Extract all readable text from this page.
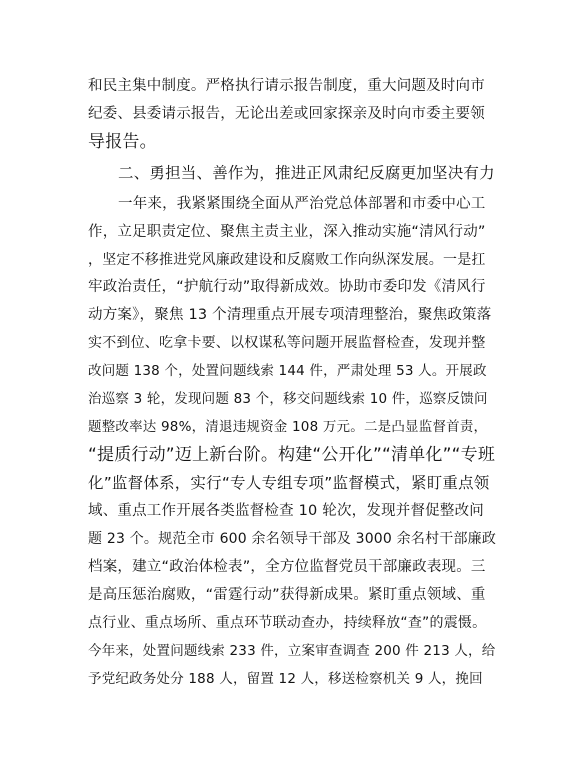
和民主集中制度。严格执行请示报告制度，重大问题及时向市
纪委、县委请示报告，无论出差或回家探亲及时向市委主要领
导报告。
二、勇担当、善作为，推进正风肃纪反腐更加坚决有力
一年来，我紧紧围绕全面从严治党总体部署和市委中心工
作，立足职责定位、聚焦主责主业，深入推动实施“清风行动”
，坚定不移推进党风廉政建设和反腐败工作向纵深发展。一是扛
牢政治责任，“护航行动”取得新成效。协助市委印发《清风行
动方案》，聚焦 13 个清理重点开展专项清理整治，聚焦政策落
实不到位、吃拿卡要、以权谋私等问题开展监督检查，发现并整
改问题 138 个，处置问题线索 144 件，严肃处理 53 人。开展政
治巡察 3 轮，发现问题 83 个，移交问题线索 10 件，巡察反馈问
题整改率达 98%，清退违规资金 108 万元。二是凸显监督首责，
“提质行动”迈上新台阶。构建“公开化”“清单化”“专班
化”监督体系，实行“专人专组专项”监督模式，紧盯重点领
域、重点工作开展各类监督检查 10 轮次，发现并督促整改问
题 23 个。规范全市 600 余名领导干部及 3000 余名村干部廉政
档案，建立“政治体检表”，全方位监督党员干部廉政表现。三
是高压惩治腐败，“雷霆行动”获得新成果。紧盯重点领域、重
点行业、重点场所、重点环节联动查办，持续释放“查”的震慑。
今年来，处置问题线索 233 件，立案审查调查 200 件 213 人，给
予党纪政务处分 188 人，留置 12 人，移送检察机关 9 人，挽回
